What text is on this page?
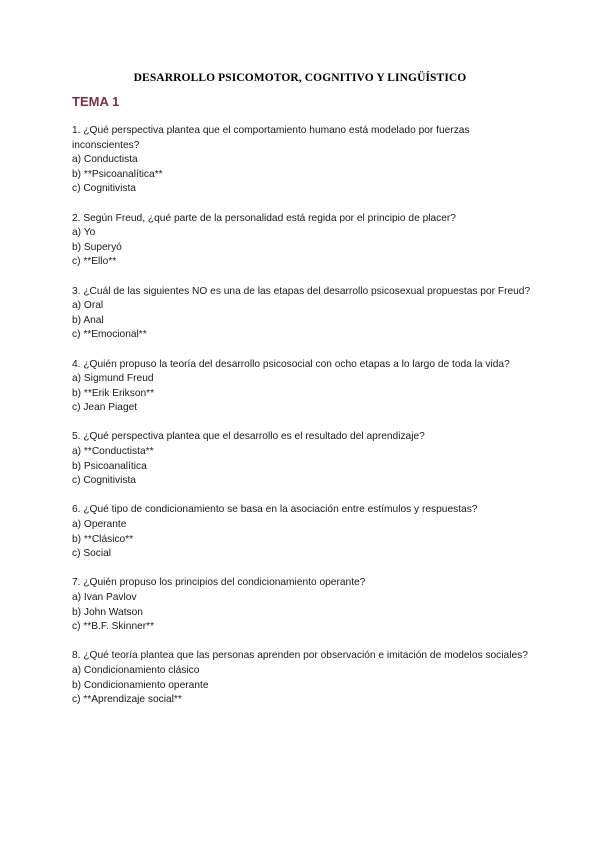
DESARROLLO PSICOMOTOR, COGNITIVO Y LINGÜÍSTICO
TEMA 1
1. ¿Qué perspectiva plantea que el comportamiento humano está modelado por fuerzas inconscientes?
a) Conductista
b) **Psicoanalítica**
c) Cognitivista
2. Según Freud, ¿qué parte de la personalidad está regida por el principio de placer?
a) Yo
b) Superyó
c) **Ello**
3. ¿Cuál de las siguientes NO es una de las etapas del desarrollo psicosexual propuestas por Freud?
a) Oral
b) Anal
c) **Emocional**
4. ¿Quién propuso la teoría del desarrollo psicosocial con ocho etapas a lo largo de toda la vida?
a) Sigmund Freud
b) **Erik Erikson**
c) Jean Piaget
5. ¿Qué perspectiva plantea que el desarrollo es el resultado del aprendizaje?
a) **Conductista**
b) Psicoanalítica
c) Cognitivista
6. ¿Qué tipo de condicionamiento se basa en la asociación entre estímulos y respuestas?
a) Operante
b) **Clásico**
c) Social
7. ¿Quién propuso los principios del condicionamiento operante?
a) Ivan Pavlov
b) John Watson
c) **B.F. Skinner**
8. ¿Qué teoría plantea que las personas aprenden por observación e imitación de modelos sociales?
a) Condicionamiento clásico
b) Condicionamiento operante
c) **Aprendizaje social**
